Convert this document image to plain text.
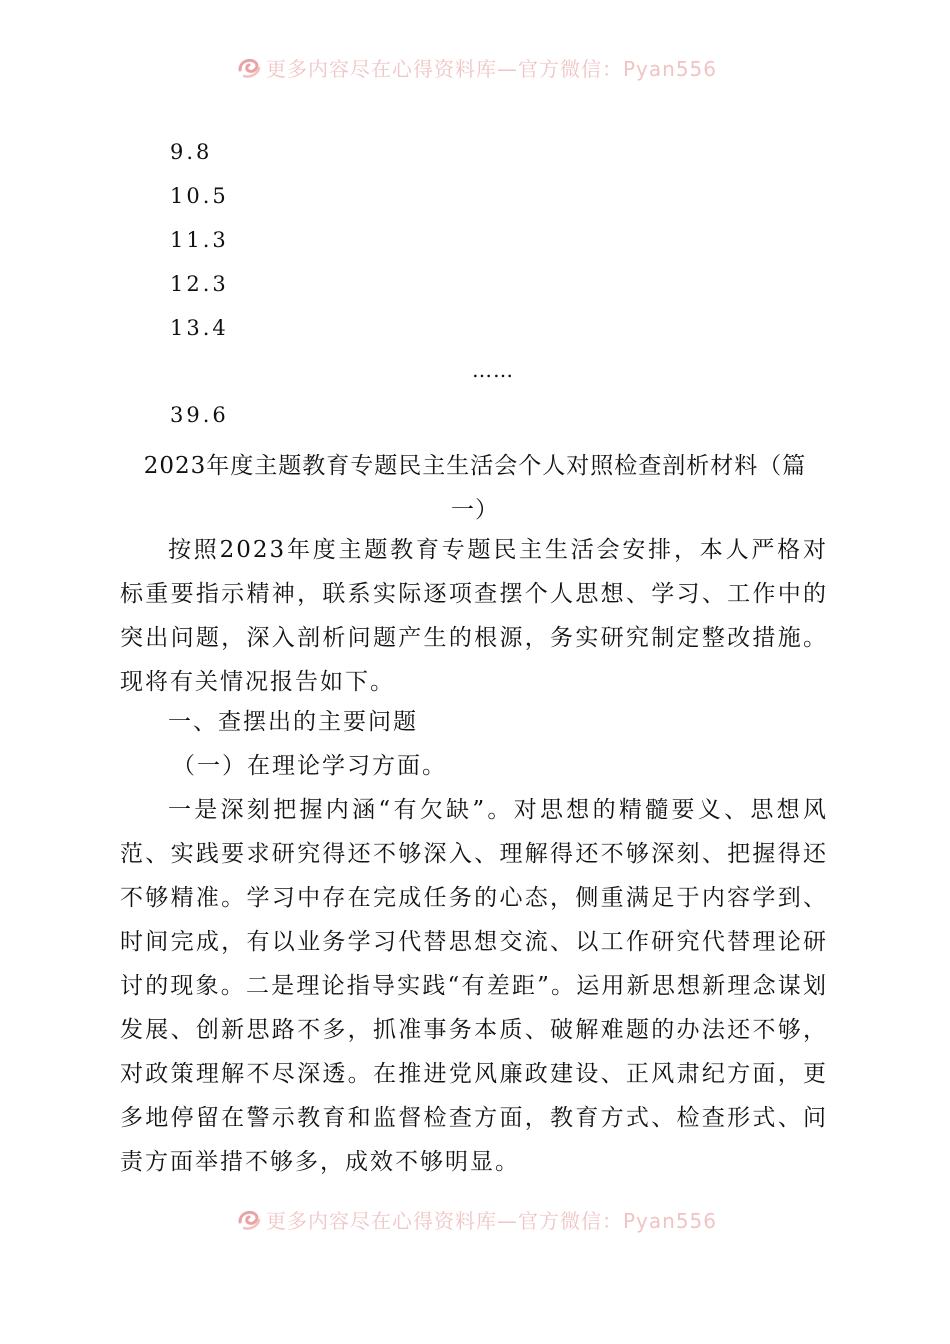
更多内容尽在心得资料库—官方微信：Pyan556
9.8
10.5
11.3
12.3
13.4
……
39.6
2023年度主题教育专题民主生活会个人对照检查剖析材料（篇
一）

按照2023年度主题教育专题民主生活会安排，本人严格对标重要指示精神，联系实际逐项查摆个人思想、学习、工作中的突出问题，深入剖析问题产生的根源，务实研究制定整改措施。现将有关情况报告如下。

一、查摆出的主要问题
（一）在理论学习方面。

一是深刻把握内涵“有欠缺”。对思想的精髓要义、思想风范、实践要求研究得还不够深入、理解得还不够深刻、把握得还不够精准。学习中存在完成任务的心态，侧重满足于内容学到、时间完成，有以业务学习代替思想交流、以工作研究代替理论研讨的现象。二是理论指导实践“有差距”。运用新思想新理念谋划发展、创新思路不多，抓准事务本质、破解难题的办法还不够，对政策理解不尽深透。在推进党风廉政建设、正风肃纪方面，更多地停留在警示教育和监督检查方面，教育方式、检查形式、问责方面举措不够多，成效不够明显。

更多内容尽在心得资料库—官方微信：Pyan556
